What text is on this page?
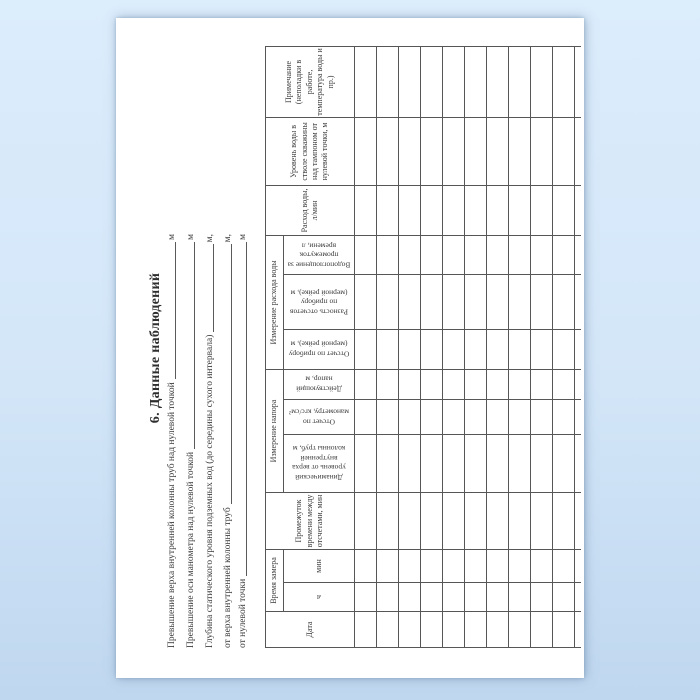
6. Данные наблюдений
Превышение верха внутренней колонны труб над нулевой точкой
м
Превышение оси манометра над нулевой точкой
м
Глубина статического уровня подземных вод (до середины сухого интервала)
м,
от верха внутренней колонны труб
м,
от нулевой точки
м
Дата	Время замера		Промежуток времени между отсчетами, мин	Измерение напора			Измерение расхода воды			Расход воды, л/мин	Уровень воды в стволе скважины над тампоном от нулевой точки, м	Примечание (неполадки в работе, температура воды и пр.)
	ч	мин		Динамический уровень от верха внутренней колонны труб, м	Отсчет по манометру, кгс/см²	Действующий напор, м	Отсчет по прибору (мерной рейке), м	Разность отсчетов по прибору (мерной рейке), м	Водопоглощение за промежуток времени, л			
